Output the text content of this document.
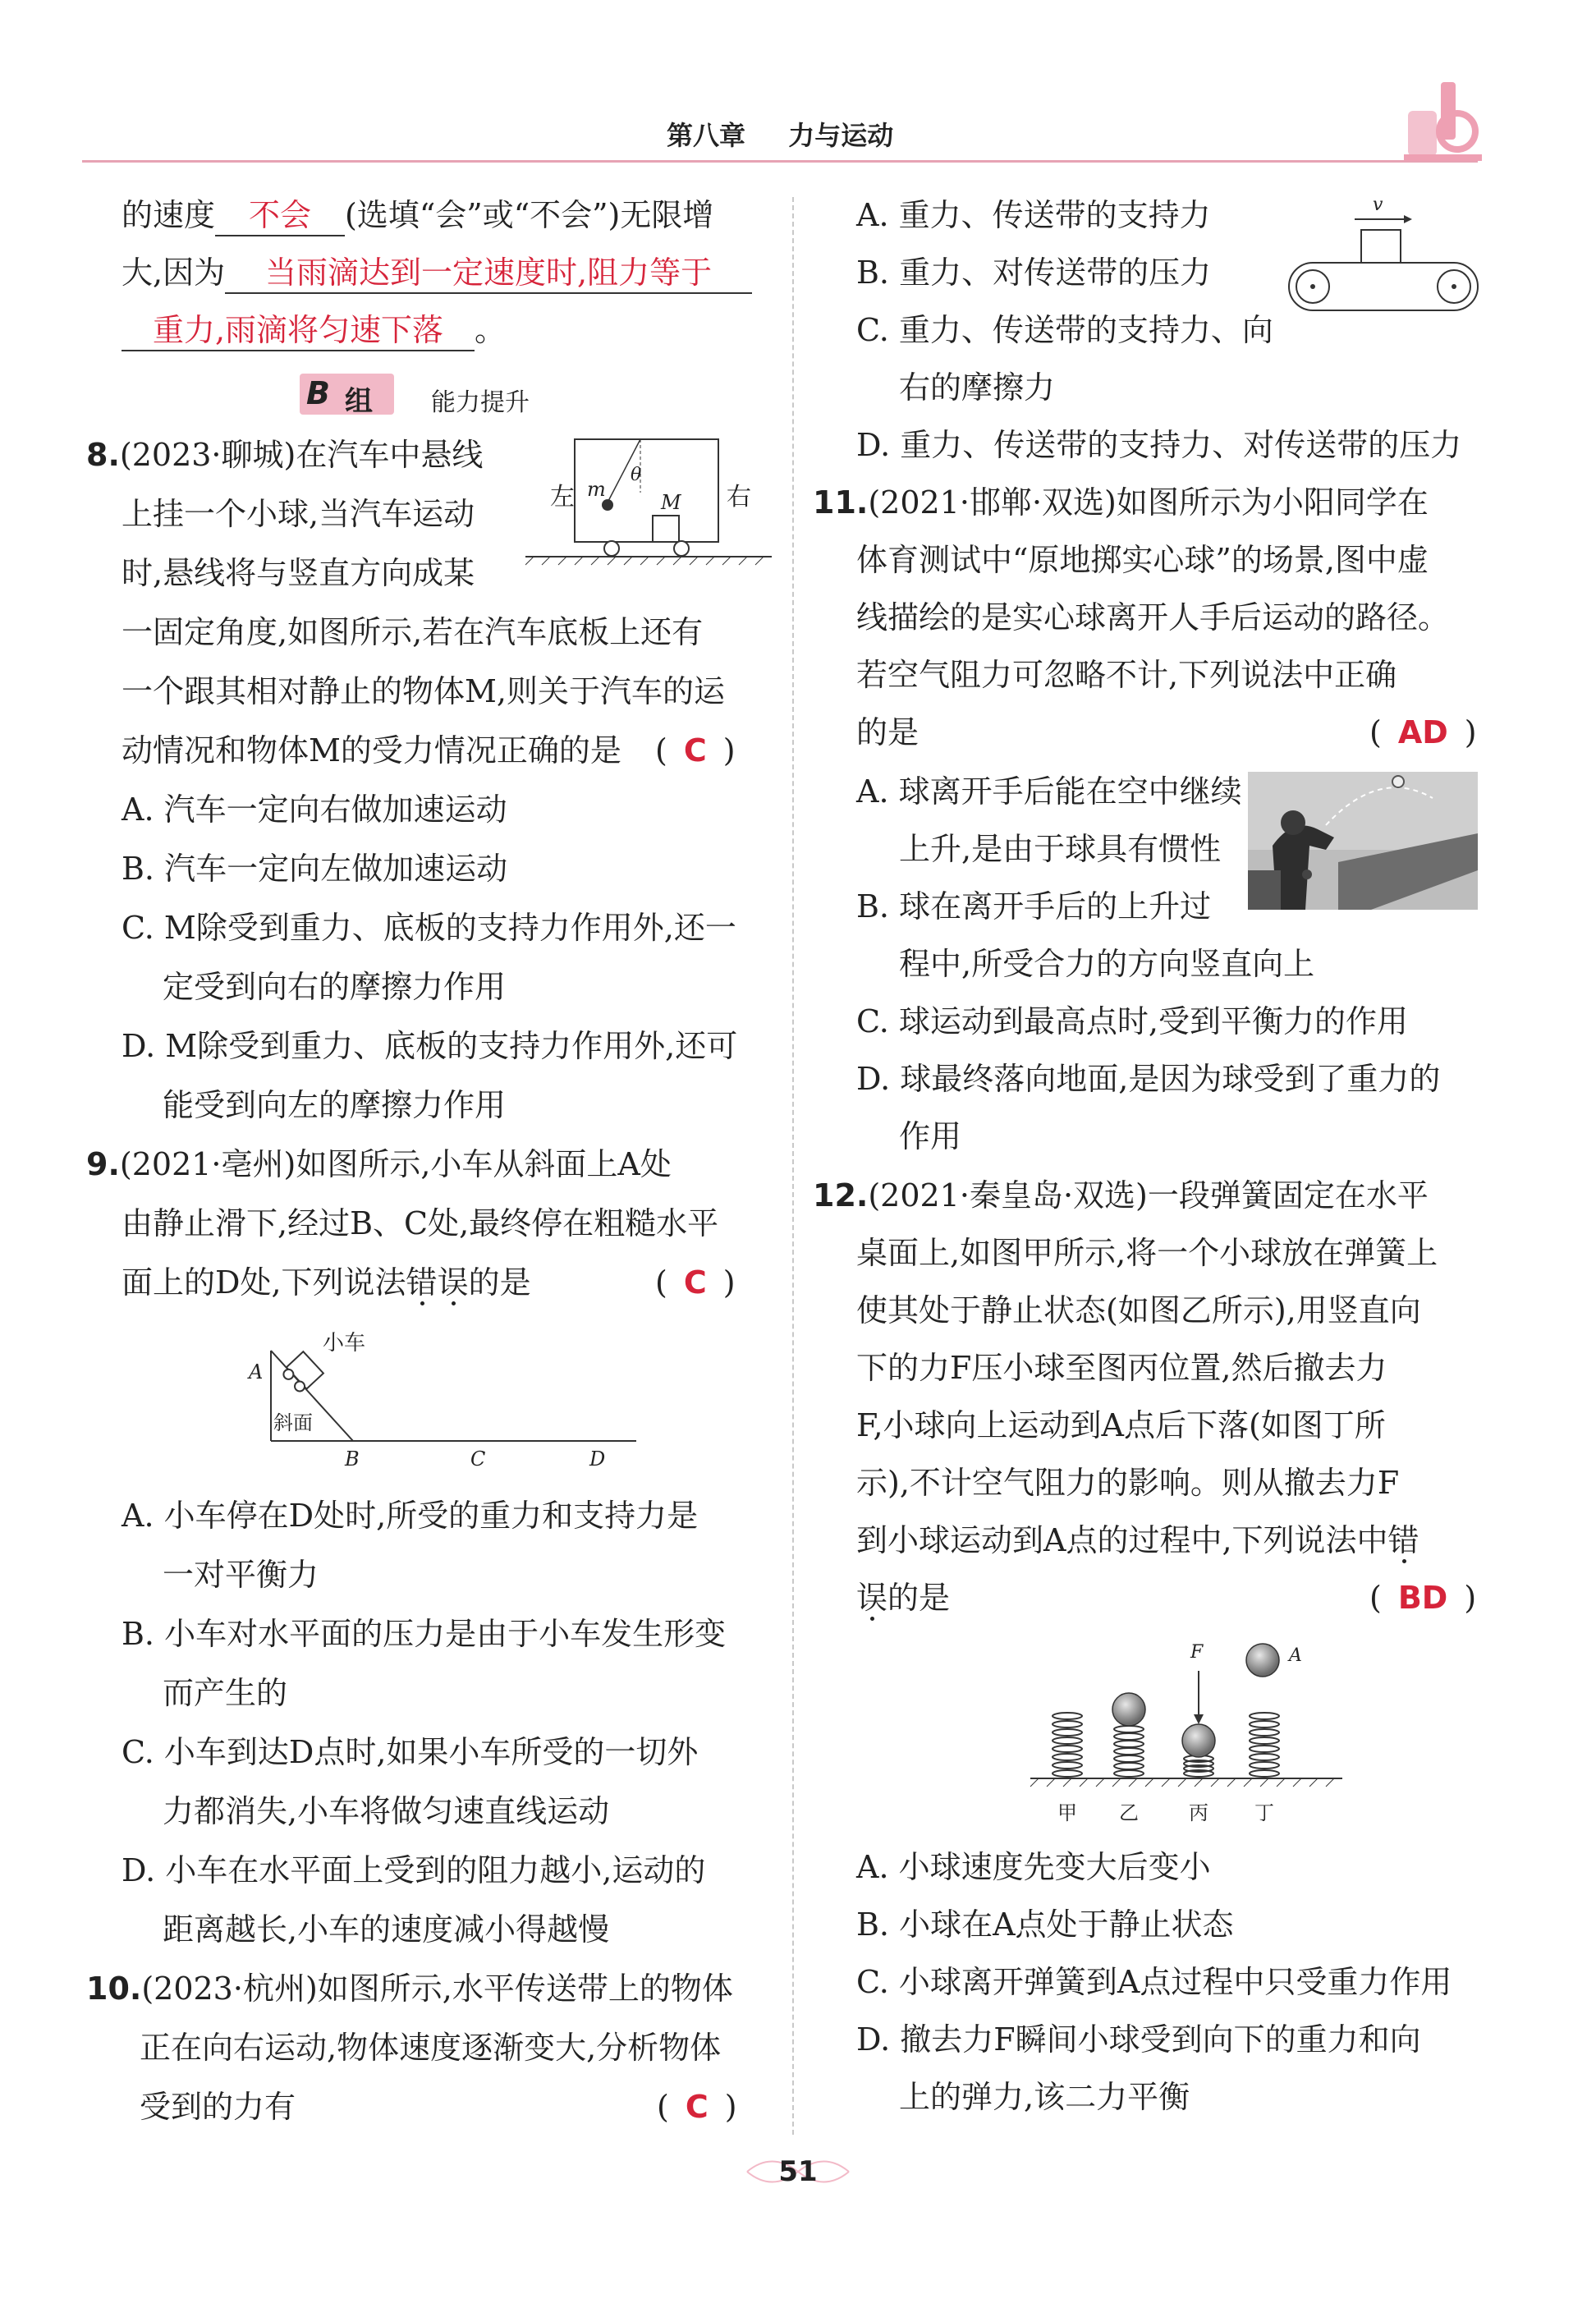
第八章 力与运动
的速度 不会 (选填“会”或“不会”)无限增
大,因为 当雨滴达到一定速度时,阻力等于
重力,雨滴将匀速下落 。
B 组 能力提升
8.(2023·聊城)在汽车中悬线
上挂一个小球,当汽车运动
时,悬线将与竖直方向成某
一固定角度,如图所示,若在汽车底板上还有
一个跟其相对静止的物体M,则关于汽车的运
动情况和物体M的受力情况正确的是 ( C )
A. 汽车一定向右做加速运动
B. 汽车一定向左做加速运动
C. M除受到重力、底板的支持力作用外,还一
定受到向右的摩擦力作用
D. M除受到重力、底板的支持力作用外,还可
能受到向左的摩擦力作用
左	右
m
θ
M
9.(2021·亳州)如图所示,小车从斜面上A处
由静止滑下,经过B、C处,最终停在粗糙水平
面上的D处,下列说法错误的是	( C )
小车
A
斜面
B	C	D
A. 小车停在D处时,所受的重力和支持力是
一对平衡力
B. 小车对水平面的压力是由于小车发生形变
而产生的
C. 小车到达D点时,如果小车所受的一切外
力都消失,小车将做匀速直线运动
D. 小车在水平面上受到的阻力越小,运动的
距离越长,小车的速度减小得越慢
10.(2023·杭州)如图所示,水平传送带上的物体
正在向右运动,物体速度逐渐变大,分析物体
受到的力有	( C )
A. 重力、传送带的支持力
B. 重力、对传送带的压力
C. 重力、传送带的支持力、向
右的摩擦力
D. 重力、传送带的支持力、对传送带的压力
v
11.(2021·邯郸·双选)如图所示为小阳同学在
体育测试中“原地掷实心球”的场景,图中虚
线描绘的是实心球离开人手后运动的路径。
若空气阻力可忽略不计,下列说法中正确
的是	( AD )
A. 球离开手后能在空中继续
上升,是由于球具有惯性
B. 球在离开手后的上升过
程中,所受合力的方向竖直向上
C. 球运动到最高点时,受到平衡力的作用
D. 球最终落向地面,是因为球受到了重力的
作用
12.(2021·秦皇岛·双选)一段弹簧固定在水平
桌面上,如图甲所示,将一个小球放在弹簧上
使其处于静止状态(如图乙所示),用竖直向
下的力F压小球至图丙位置,然后撤去力
F,小球向上运动到A点后下落(如图丁所
示),不计空气阻力的影响。则从撤去力F
到小球运动到A点的过程中,下列说法中错
误的是	( BD )
F	A
甲 乙	丙 丁
A. 小球速度先变大后变小
B. 小球在A点处于静止状态
C. 小球离开弹簧到A点过程中只受重力作用
D. 撤去力F瞬间小球受到向下的重力和向
上的弹力,该二力平衡
51
